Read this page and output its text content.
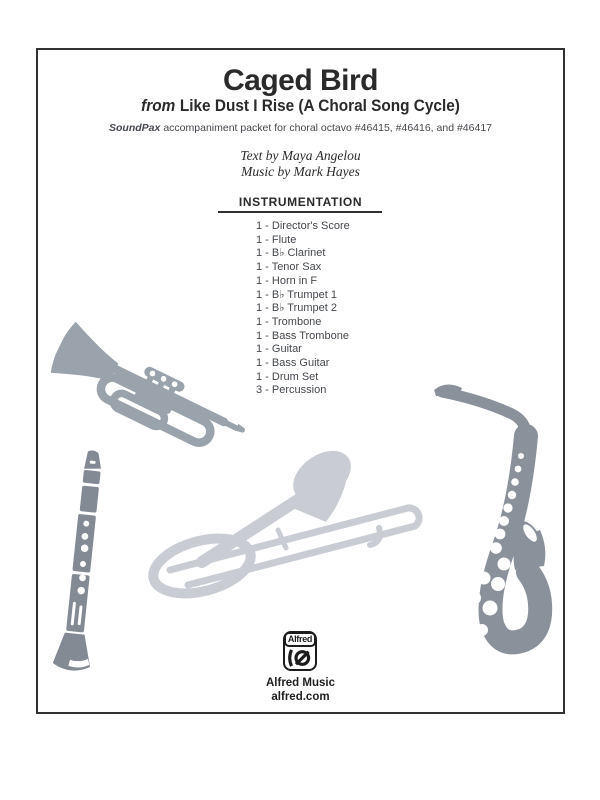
Caged Bird
from Like Dust I Rise (A Choral Song Cycle)
SoundPax accompaniment packet for choral octavo #46415, #46416, and #46417
Text by Maya Angelou
Music by Mark Hayes
INSTRUMENTATION
1 - Director's Score
1 - Flute
1 - B♭ Clarinet
1 - Tenor Sax
1 - Horn in F
1 - B♭ Trumpet 1
1 - B♭ Trumpet 2
1 - Trombone
1 - Bass Trombone
1 - Guitar
1 - Bass Guitar
1 - Drum Set
3 - Percussion
Alfred
Alfred Music
alfred.com
